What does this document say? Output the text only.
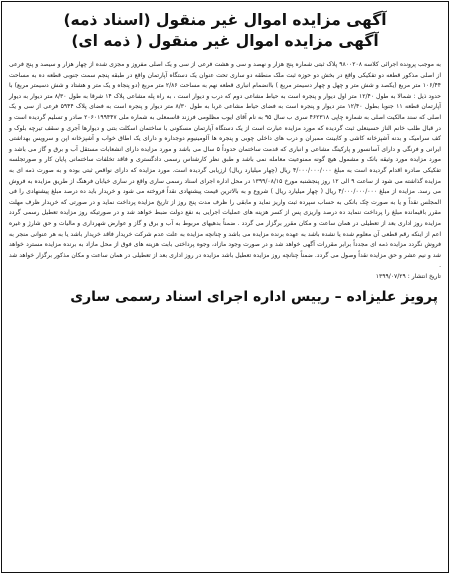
آگهی مزایده اموال غیر منقول (اسناد ذمه)
آگهی مزایده اموال غیر منقول ( ذمه ای)

به موجب پرونده اجرائی کلاسه ۹۸۰۰۲۰۸ پلاک ثبتی شماره پنج هزار و نهصد و سی و هشت فرعی از سی و یک اصلی مفروز و مجزی شده از چهار هزار و سیصد و پنج فرعی از اصلی مذکور قطعه دو تفکیکی واقع در بخش دو حوزه ثبت ملک منطقه دو ساری تحت عنوان یک دستگاه آپارتمان واقع در طبقه پنجم سمت جنوبی قطعه ده به مساحت ۱۰۶/۴۴ متر مربع (یکصد و شش متر و چهل و چهار دسیمتر مربع ) باانضمام انباری قطعه نهم به مساحت ۲/۸۶ متر مربع (دو پنجاه و یک متر و هشتاد و شش دسیمتر مربع) با حدود ذیل : شمالا به طول ۱۲/۴۰ متر اول دیوار و پنجره است به حیاط مشاعی دوم که درب و دیوار است ، به راه پله مشاعی پلاک ۱۴ شرقا به طول ۸/۳۰ متر دیوار به دیوار آپارتمان قطعه ۱۱ جنوبا بطول ۱۲/۴۰ متر دیوار و پنجره است به فضای حیاط مشاعی غربا به طول ۸/۳۰ متر دیوار و پنجره است به فضای پلاک ۵۹۴۴ فرعی از سی و یک اصلی که سند مالکیت اصلی به شماره چاپی ۴۶۲۳۱۸ سری ب سال ۹۵ به نام آقای ایوب مظلومی فرزند قاسمعلی به شماره ملی ۲۰۶۰۱۹۹۴۴۷ صادر و تسلیم گردیده است و در قبال طلب خانم الناز حسینعلی ثبت گردیده که مورد مزایده عبارت است از یک دستگاه آپارتمان مسکونی با ساختمان اسکلت بتنی و دیوارها آجری و سقف تیرچه بلوک و کف سرامیک و بدنه آشپزخانه کاشی و کابینت ممبران و درب های داخلی چوبی و پنجره ها آلومینیوم دوجداره و دارای یک اطاق خواب و آشپزخانه اپن و سرویس بهداشتی ایرانی و فرنگی و دارای آسانسور و پارکینگ مشاعی و انباری که قدمت ساختمان حدوداً ۵ سال می باشد و مورد مزایده دارای انشعابات مستقل آب و برق و گاز می باشد و مورد مزایده مورد وثیقه بانک و مشمول هیچ گونه ممنوعیت معامله نمی باشد و طبق نظر کارشناس رسمی دادگستری و فاقد تخلفات ساختمانی پایان کار و صورتجلسه تفکیکی صادره اقدام گردیده است به مبلغ ۴/۰۰۰/۰۰۰/۰۰۰ ریال (چهار میلیارد ریال) ارزیابی گردیده است. مورد مزایده که دارای نواقص ثبتی بوده و به صورت ذمه ای به مزایده گذاشته می شود از ساعت ۹ الی ۱۲ روز پنجشنبه مورخ ۱۳۹۹/۰۸/۱۵ در محل اداره اجرای اسناد رسمی ساری واقع در ساری خیابان فرهنگ از طریق مزایده به فروش می رسد. مزایده از مبلغ ۴/۰۰۰/۰۰۰/۰۰۰ ریال ( چهار میلیارد ریال ) شروع و به بالاترین قیمت پیشنهادی نقداً فروخته می شود و خریدار باید ده درصد مبلغ پیشنهادی را فی المجلس نقداً و یا به صورت چک بانکی به حساب سپرده ثبت واریز نماید و مابقی را ظرف مدت پنج روز از تاریخ مزایده پرداخت نماید و در صورتی که خریدار ظرف مهلت مقرر باقیمانده مبلغ را پرداخت ننماید ده درصد واریزی پس از کسر هزینه های عملیات اجرایی به نفع دولت ضبط خواهد شد و در صورتیکه روز مزایده تعطیل رسمی گردد مزایده روز اداری بعد از تعطیلی در همان ساعت و مکان مقرر برگزار می گردد . ضمناً بدهیهای مربوط به آب و برق و گاز و عوارض شهرداری و مالیات و حق شارژ و غیره اعم از اینکه رقم قطعی آن معلوم شده یا نشده باشد به عهده برنده مزایده می باشد و چنانچه مزایده به علت عدم شرکت خریدار فاقد خریدار باشد یا به هر عنوانی منجر به فروش نگردد مزایده ذمه ای مجدداً برابر مقررات آگهی خواهد شد و در صورت وجود مازاد، وجوه پرداختی بابت هزینه های فوق از محل مازاد به برنده مزایده مسترد خواهد شد و نیم عشر و حق مزایده نقداً وصول می گردد. ضمناً چنانچه روز مزایده تعطیل باشد مزایده در روز اداری بعد از تعطیلی در همان ساعت و مکان مذکور برگزار خواهد شد .

تاریخ انتشار : ۱۳۹۹/۰۷/۲۹
پرویز علیزاده – رییس اداره اجرای اسناد رسمی ساری
